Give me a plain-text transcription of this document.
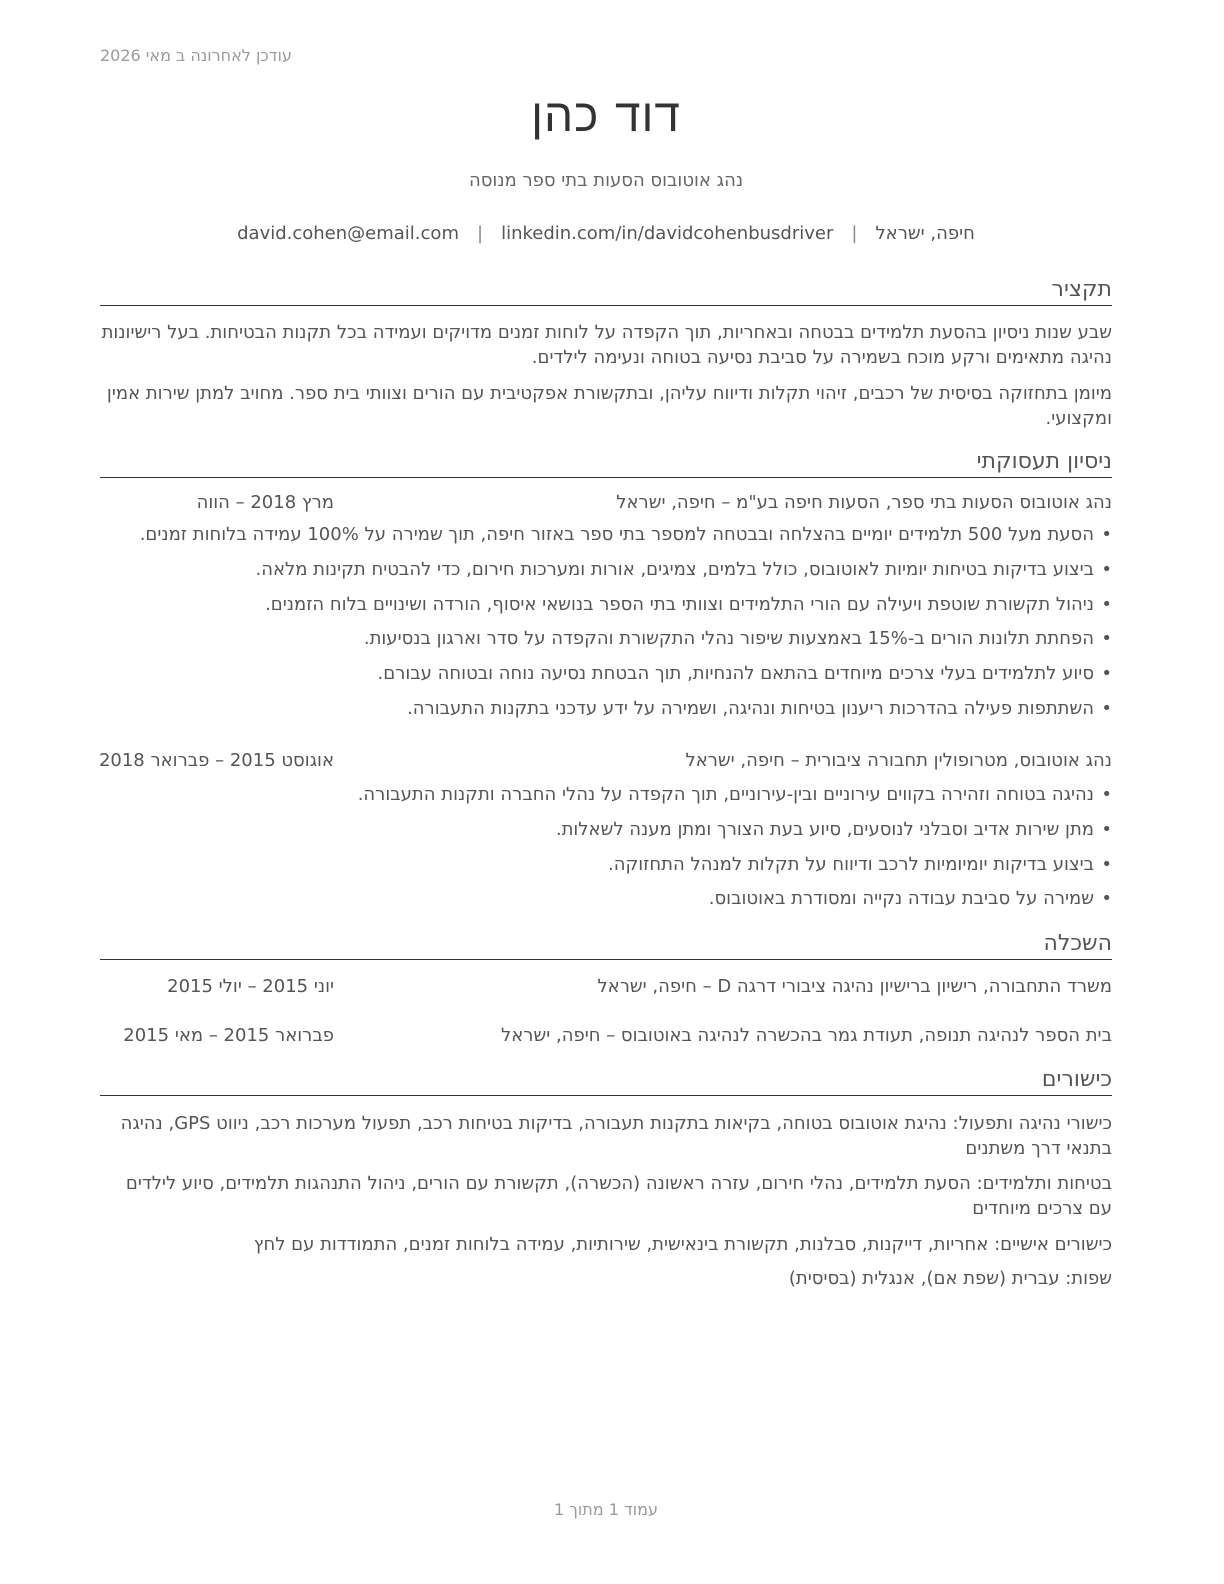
עודכן לאחרונה ב מאי 2026
דוד כהן
נהג אוטובוס הסעות בתי ספר מנוסה
חיפה, ישראל|david.cohen@email.com | linkedin.com/in/davidcohenbusdriver
תקציר
שבע שנות ניסיון בהסעת תלמידים בבטחה ובאחריות, תוך הקפדה על לוחות זמנים מדויקים ועמידה בכל תקנות הבטיחות. בעל רישיונות נהיגה מתאימים ורקע מוכח בשמירה על סביבת נסיעה בטוחה ונעימה לילדים.
מיומן בתחזוקה בסיסית של רכבים, זיהוי תקלות ודיווח עליהן, ובתקשורת אפקטיבית עם הורים וצוותי בית ספר. מחויב למתן שירות אמין ומקצועי.
ניסיון תעסוקתי
נהג אוטובוס הסעות בתי ספר, הסעות חיפה בע"מ – חיפה, ישראל
מרץ 2018 – הווה
•
הסעת מעל 500 תלמידים יומיים בהצלחה ובבטחה למספר בתי ספר באזור חיפה, תוך שמירה על 100% עמידה בלוחות זמנים.
•
ביצוע בדיקות בטיחות יומיות לאוטובוס, כולל בלמים, צמיגים, אורות ומערכות חירום, כדי להבטיח תקינות מלאה.
•
ניהול תקשורת שוטפת ויעילה עם הורי התלמידים וצוותי בתי הספר בנושאי איסוף, הורדה ושינויים בלוח הזמנים.
•
הפחתת תלונות הורים ב-15% באמצעות שיפור נהלי התקשורת והקפדה על סדר וארגון בנסיעות.
•
סיוע לתלמידים בעלי צרכים מיוחדים בהתאם להנחיות, תוך הבטחת נסיעה נוחה ובטוחה עבורם.
•
השתתפות פעילה בהדרכות ריענון בטיחות ונהיגה, ושמירה על ידע עדכני בתקנות התעבורה.
נהג אוטובוס, מטרופולין תחבורה ציבורית – חיפה, ישראל
אוגוסט 2015 – פברואר 2018
•
נהיגה בטוחה וזהירה בקווים עירוניים ובין-עירוניים, תוך הקפדה על נהלי החברה ותקנות התעבורה.
•
מתן שירות אדיב וסבלני לנוסעים, סיוע בעת הצורך ומתן מענה לשאלות.
•
ביצוע בדיקות יומיומיות לרכב ודיווח על תקלות למנהל התחזוקה.
•
שמירה על סביבת עבודה נקייה ומסודרת באוטובוס.
השכלה
משרד התחבורה, רישיון ברישיון נהיגה ציבורי דרגה D – חיפה, ישראל
יוני 2015 – יולי 2015
בית הספר לנהיגה תנופה, תעודת גמר בהכשרה לנהיגה באוטובוס – חיפה, ישראל
פברואר 2015 – מאי 2015
כישורים
כישורי נהיגה ותפעול: נהיגת אוטובוס בטוחה, בקיאות בתקנות תעבורה, בדיקות בטיחות רכב, תפעול מערכות רכב, ניווט GPS, נהיגה בתנאי דרך משתנים
בטיחות ותלמידים: הסעת תלמידים, נהלי חירום, עזרה ראשונה (הכשרה), תקשורת עם הורים, ניהול התנהגות תלמידים, סיוע לילדים עם צרכים מיוחדים
כישורים אישיים: אחריות, דייקנות, סבלנות, תקשורת בינאישית, שירותיות, עמידה בלוחות זמנים, התמודדות עם לחץ
שפות: עברית (שפת אם), אנגלית (בסיסית)
עמוד 1 מתוך 1
